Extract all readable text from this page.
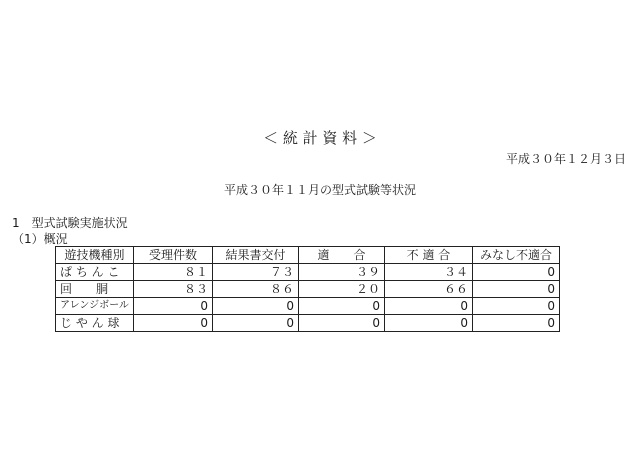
＜ 統 計 資 料 ＞
平成３０年１２月３日
平成３０年１１月の型式試験等状況
1　型式試験実施状況
（1）概況
遊技機種別	受理件数	結果書交付	適　　合	不 適 合	みなし不適合
ぱ ち ん こ	８１	７３	３９	３４	0
回　　胴	８３	８６	２０	６６	0
アレンジボール	0	0	0	0	0
じ や ん 球	0	0	0	0	0
